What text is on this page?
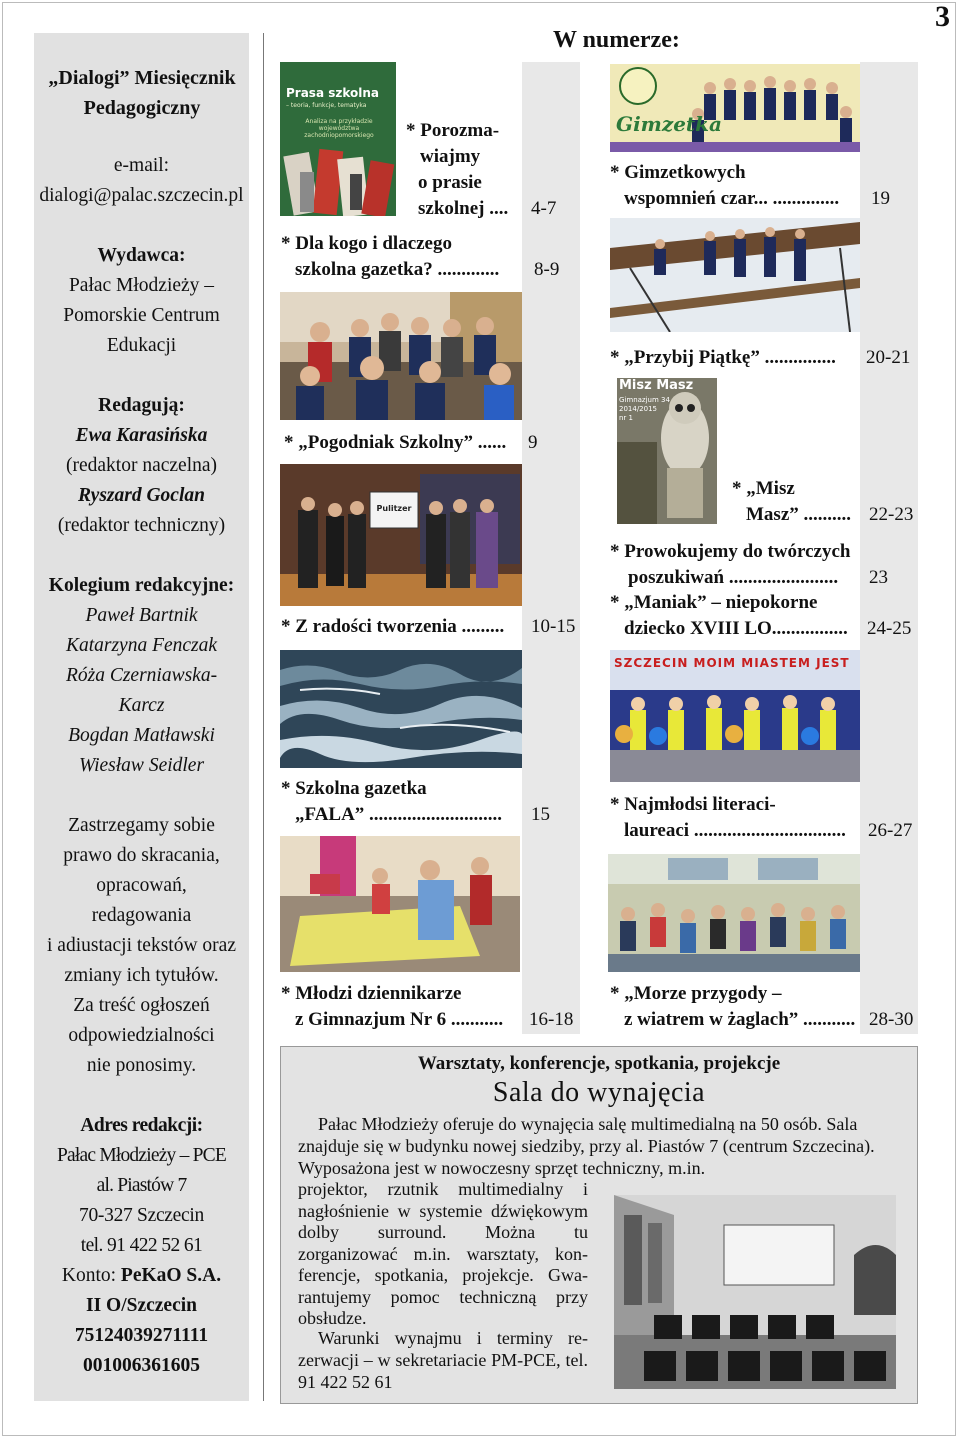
3
„Dialogi” Miesięcznik Pedagogiczny
e-mail:
dialogi@palac.szczecin.pl
Wydawca:
Pałac Młodzieży – Pomorskie Centrum Edukacji
Redagują:
Ewa Karasińska
(redaktor naczelna)
Ryszard Goclan
(redaktor techniczny)
Kolegium redakcyjne:
Paweł Bartnik
Katarzyna Fenczak
Róża Czerniawska-
Karcz
Bogdan Matławski
Wiesław Seidler
Zastrzegamy sobie
prawo do skracania,
opracowań,
redagowania
i adiustacji tekstów oraz
zmiany ich tytułów.
Za treść ogłoszeń
odpowiedzialności
nie ponosimy.
Adres redakcji:
Pałac Młodzieży – PCE
al. Piastów 7
70-327 Szczecin
tel. 91 422 52 61
Konto: PeKaO S.A.
II O/Szczecin
75124039271111
001006361605
W numerze:
Prasa szkolna
– teoria, funkcje, tematyka
Analiza na przykładzie województwa zachodniopomorskiego	* Porozma-
wiajmy
o prasie
szkolnej ....	4-7
* Dla kogo i dlaczego
szkolna gazetka? .............	8-9
* „Pogodniak Szkolny” ...... 9
Pulitzer
* Z radości tworzenia ......... 10-15
* Szkolna gazetka
„FALA” ............................	15
* Młodzi dziennikarze
z Gimnazjum Nr 6 ...........	16-18
Gimzetka
* Gimzetkowych
wspomnień czar... ..............	19
* „Przybij Piątkę” ............... 20-21
Misz Masz
Gimnazjum 34
2014/2015
nr 1
* „Misz
Masz” .......... 22-23
* Prowokujemy do twórczych
poszukiwań .......................	23
* „Maniak” – niepokorne
dziecko XVIII LO................	24-25
SZCZECIN MOIM MIASTEM JEST
* Najmłodsi literaci-
laureaci ................................	26-27
* „Morze przygody –
z wiatrem w żaglach” ........... 28-30
Warsztaty, konferencje, spotkania, projekcje
Sala do wynajęcia
Pałac Młodzieży oferuje do wynajęcia salę multimedialną na 50 osób. Sala znajduje się w budynku nowej siedziby, przy al. Piastów 7 (centrum Szczecina). Wyposażona jest w nowoczesny sprzęt techniczny, m.in.
projektor, rzutnik multimedialny i nagłośnienie w systemie dźwiękowym dolby surround. Można tu zorganizować m.in. warsztaty, konferencje, spotkania, projekcje. Gwarantujemy pomoc techniczną przy obsłudze.
Warunki wynajmu i terminy rezerwacji – w sekretariacie PM-PCE, tel. 91 422 52 61
